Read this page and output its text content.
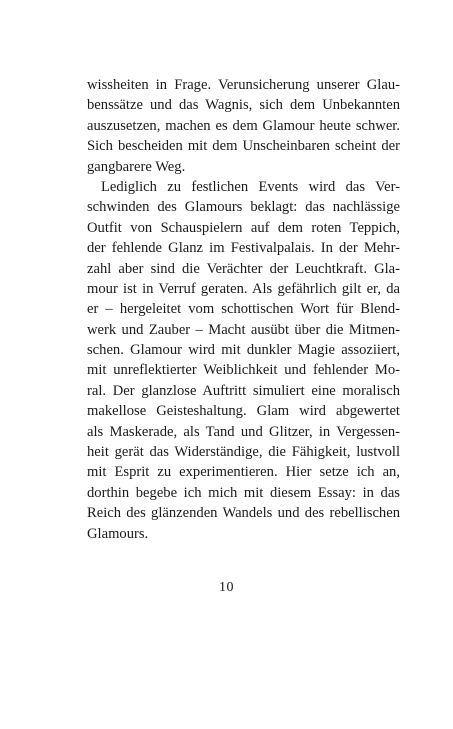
wissheiten in Frage. Verunsicherung unserer Glau-
benssätze und das Wagnis, sich dem Unbekannten
auszusetzen, machen es dem Glamour heute schwer.
Sich bescheiden mit dem Unscheinbaren scheint der
gangbarere Weg.
Lediglich zu festlichen Events wird das Ver-
schwinden des Glamours beklagt: das nachlässige
Outfit von Schauspielern auf dem roten Teppich,
der fehlende Glanz im Festivalpalais. In der Mehr-
zahl aber sind die Verächter der Leuchtkraft. Gla-
mour ist in Verruf geraten. Als gefährlich gilt er, da
er – hergeleitet vom schottischen Wort für Blend-
werk und Zauber – Macht ausübt über die Mitmen-
schen. Glamour wird mit dunkler Magie assoziiert,
mit unreflektierter Weiblichkeit und fehlender Mo-
ral. Der glanzlose Auftritt simuliert eine moralisch
makellose Geisteshaltung. Glam wird abgewertet
als Maskerade, als Tand und Glitzer, in Vergessen-
heit gerät das Widerständige, die Fähigkeit, lustvoll
mit Esprit zu experimentieren. Hier setze ich an,
dorthin begebe ich mich mit diesem Essay: in das
Reich des glänzenden Wandels und des rebellischen
Glamours.
10
